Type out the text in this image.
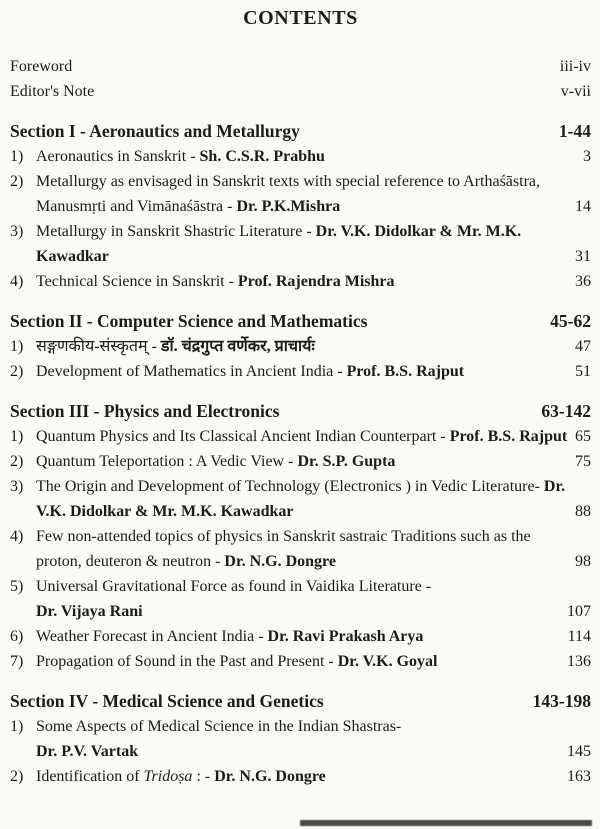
CONTENTS
Foreword	iii-iv
Editor's Note	v-vii
Section I - Aeronautics and Metallurgy	1-44
1) Aeronautics in Sanskrit - Sh. C.S.R. Prabhu	3
2) Metallurgy as envisaged in Sanskrit texts with special reference to Arthaśāstra, Manusmṛti and Vimānaśāstra - Dr. P.K.Mishra	14
3) Metallurgy in Sanskrit Shastric Literature - Dr. V.K. Didolkar & Mr. M.K. Kawadkar	31
4) Technical Science in Sanskrit - Prof. Rajendra Mishra	36
Section II - Computer Science and Mathematics	45-62
1) सङ्गणकीय-संस्कृतम् - डॉ. चंद्रगुप्त वर्णेकर, प्राचार्यः	47
2) Development of Mathematics in Ancient India - Prof. B.S. Rajput	51
Section III - Physics and Electronics	63-142
1) Quantum Physics and Its Classical Ancient Indian Counterpart - Prof. B.S. Rajput 65
2) Quantum Teleportation : A Vedic View - Dr. S.P. Gupta	75
3) The Origin and Development of Technology (Electronics ) in Vedic Literature- Dr. V.K. Didolkar & Mr. M.K. Kawadkar	88
4) Few non-attended topics of physics in Sanskrit sastraic Traditions such as the proton, deuteron & neutron - Dr. N.G. Dongre	98
5) Universal Gravitational Force as found in Vaidika Literature -
Dr. Vijaya Rani	107
6) Weather Forecast in Ancient India - Dr. Ravi Prakash Arya	114
7) Propagation of Sound in the Past and Present - Dr. V.K. Goyal	136
Section IV - Medical Science and Genetics	143-198
1) Some Aspects of Medical Science in the Indian Shastras-
Dr. P.V. Vartak	145
2) Identification of Tridoṣa : - Dr. N.G. Dongre	163
